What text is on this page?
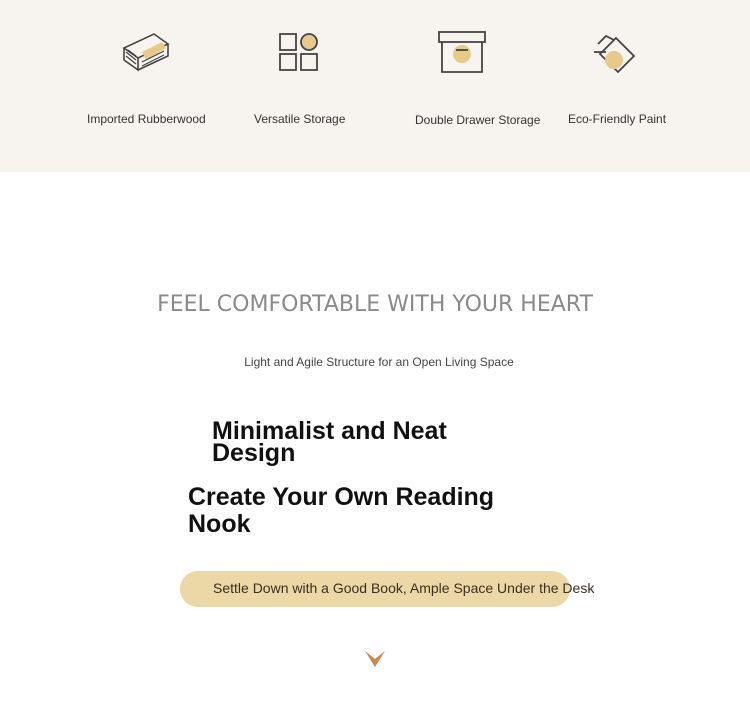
Imported Rubberwood	Versatile Storage	Double Drawer Storage Eco-Friendly Paint
FEEL COMFORTABLE WITH YOUR HEART
Light and Agile Structure for an Open Living Space
Minimalist and Neat Design
Create Your Own Reading Nook
Settle Down with a Good Book, Ample Space Under the Desk
